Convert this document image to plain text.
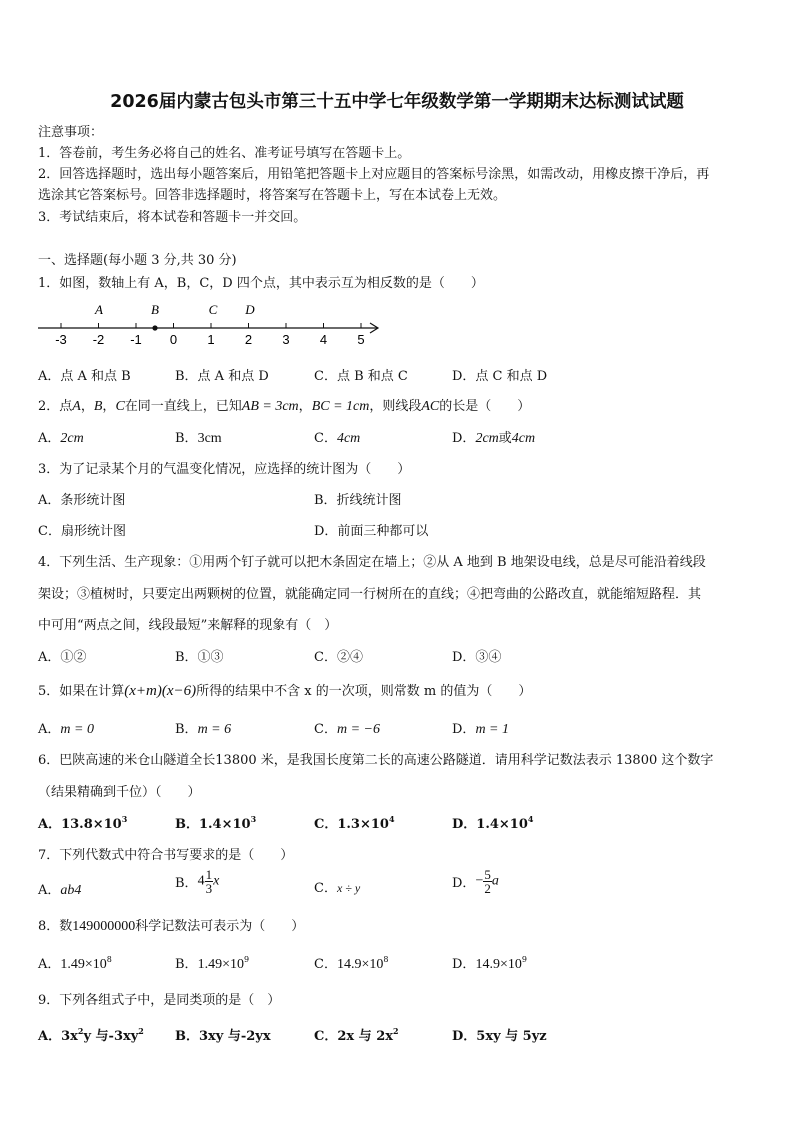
2026届内蒙古包头市第三十五中学七年级数学第一学期期末达标测试试题
注意事项：
1．答卷前，考生务必将自己的姓名、准考证号填写在答题卡上。
2．回答选择题时，选出每小题答案后，用铅笔把答题卡上对应题目的答案标号涂黑，如需改动，用橡皮擦干净后，再
选涂其它答案标号。回答非选择题时，将答案写在答题卡上，写在本试卷上无效。
3．考试结束后，将本试卷和答题卡一并交回。
一、选择题(每小题 3 分,共 30 分)
1．如图，数轴上有 A，B，C，D 四个点，其中表示互为相反数的是（　　）
-3 -2 -1 0 1 2 3 4 5
A	B	C D
A．点 A 和点 B	B．点 A 和点 D	C．点 B 和点 C	D．点 C 和点 D
2．点A，B，C在同一直线上，已知AB = 3cm，BC = 1cm，则线段AC的长是（　　）
A．2cm	B．3cm	C．4cm	D．2cm或4cm
3．为了记录某个月的气温变化情况，应选择的统计图为（　　）
A．条形统计图	B．折线统计图
C．扇形统计图	D．前面三种都可以
4．下列生活、生产现象：①用两个钉子就可以把木条固定在墙上；②从 A 地到 B 地架设电线，总是尽可能沿着线段
架设；③植树时，只要定出两颗树的位置，就能确定同一行树所在的直线；④把弯曲的公路改直，就能缩短路程．其
中可用“两点之间，线段最短”来解释的现象有（　）
A．①②	B．①③	C．②④	D．③④
5．如果在计算(x+m)(x−6)所得的结果中不含 x 的一次项，则常数 m 的值为（　　）
A．m = 0	B．m = 6	C．m = −6	D．m = 1
6．巴陕高速的米仓山隧道全长13800 米，是我国长度第二长的高速公路隧道．请用科学记数法表示 13800 这个数字
（结果精确到千位）（　　）
A．$13.8\times 10^3$	B．$1.4\times 10^3$	C．$1.3\times 10^4$	D．$1.4\times 10^4$
7．下列代数式中符合书写要求的是（　　）
A．ab4	B．$4 \frac{1}{3}$ x	C．x ÷ y	D．− $\frac{5}{2}$ a
8．数149000000科学记数法可表示为（　　）
A．$1.49\times 10^8$	B．$1.49\times 10^9$	C．$14.9\times 10^8$	D．$14.9\times 10^9$
9．下列各组式子中，是同类项的是（　）
A．$3x^2y$ 与$-3xy^2$ B．3xy 与-2yx	C．2x 与 $2x^2$	D．5xy 与 5yz
